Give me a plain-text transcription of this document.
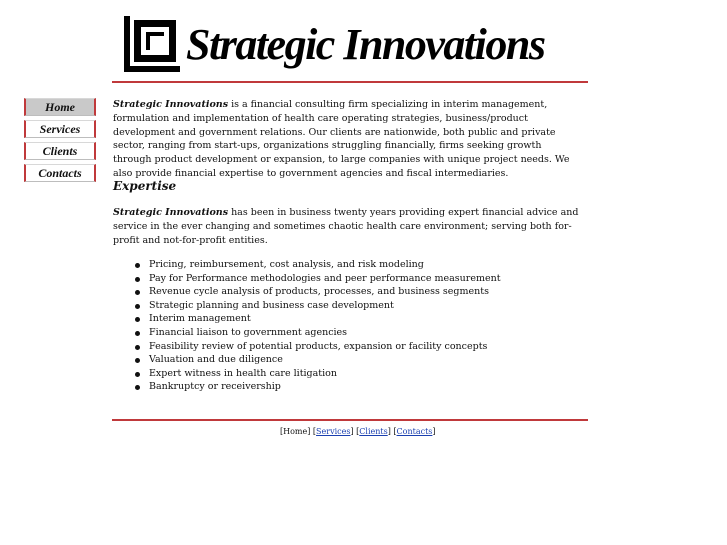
Strategic Innovations
Home
Services
Clients
Contacts

Strategic Innovations is a financial consulting firm specializing in interim management, formulation and implementation of health care operating strategies, business/product development and government relations. Our clients are nationwide, both public and private sector, ranging from start-ups, organizations struggling financially, firms seeking growth through product development or expansion, to large companies with unique project needs. We also provide financial expertise to government agencies and fiscal intermediaries.

Expertise

Strategic Innovations has been in business twenty years providing expert financial advice and service in the ever changing and sometimes chaotic health care environment; serving both for-profit and not-for-profit entities.

Pricing, reimbursement, cost analysis, and risk modeling
Pay for Performance methodologies and peer performance measurement
Revenue cycle analysis of products, processes, and business segments
Strategic planning and business case development
Interim management
Financial liaison to government agencies
Feasibility review of potential products, expansion or facility concepts
Valuation and due diligence
Expert witness in health care litigation
Bankruptcy or receivership
[Home] [Services] [Clients] [Contacts]
